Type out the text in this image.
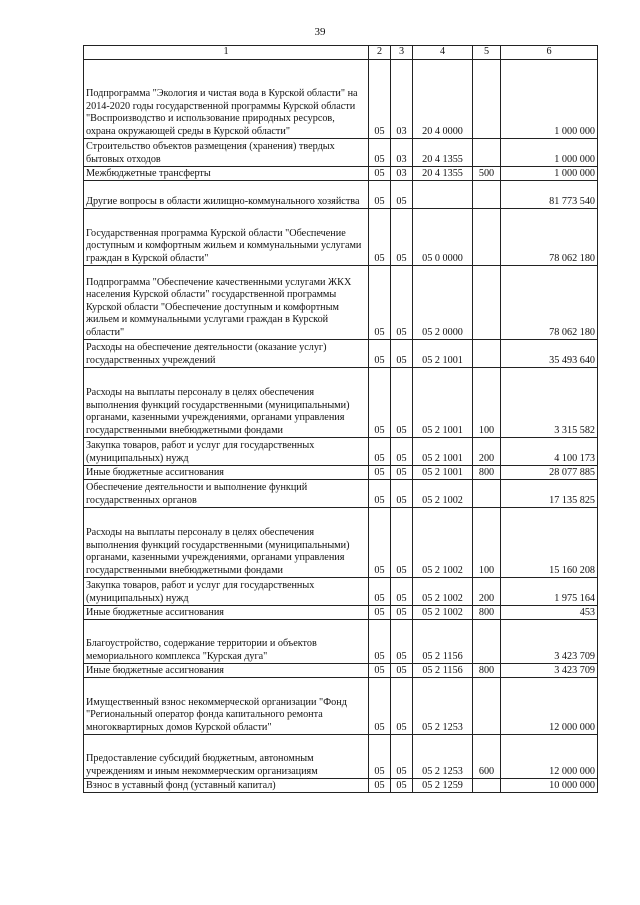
39
1	2	3	4	5	6
Подпрограмма "Экология и чистая вода в Курской области" на 2014-2020 годы государственной программы Курской области "Воспроизводство и использование природных ресурсов, охрана окружающей среды в Курской области"	05	03	20 4 0000		1 000 000
Строительство объектов размещения (хранения) твердых бытовых отходов	05	03	20 4 1355		1 000 000
Межбюджетные трансферты	05	03	20 4 1355	500	1 000 000
Другие вопросы в области жилищно-коммунального хозяйства	05	05			81 773 540
Государственная программа Курской области "Обеспечение доступным и комфортным жильем и коммунальными услугами граждан в Курской области"	05	05	05 0 0000		78 062 180
Подпрограмма "Обеспечение качественными услугами ЖКХ населения Курской области" государственной программы Курской области "Обеспечение доступным и комфортным жильем и коммунальными услугами граждан в Курской области"	05	05	05 2 0000		78 062 180
Расходы на обеспечение деятельности (оказание услуг) государственных учреждений	05	05	05 2 1001		35 493 640
Расходы на выплаты персоналу в целях обеспечения выполнения функций государственными (муниципальными) органами, казенными учреждениями, органами управления государственными внебюджетными фондами	05	05	05 2 1001	100	3 315 582
Закупка товаров, работ и услуг для государственных (муниципальных) нужд	05	05	05 2 1001	200	4 100 173
Иные бюджетные ассигнования	05	05	05 2 1001	800	28 077 885
Обеспечение деятельности и выполнение функций государственных органов	05	05	05 2 1002		17 135 825
Расходы на выплаты персоналу в целях обеспечения выполнения функций государственными (муниципальными) органами, казенными учреждениями, органами управления государственными внебюджетными фондами	05	05	05 2 1002	100	15 160 208
Закупка товаров, работ и услуг для государственных (муниципальных) нужд	05	05	05 2 1002	200	1 975 164
Иные бюджетные ассигнования	05	05	05 2 1002	800	453
Благоустройство, содержание территории и объектов мемориального комплекса "Курская дуга"	05	05	05 2 1156		3 423 709
Иные бюджетные ассигнования	05	05	05 2 1156	800	3 423 709
Имущественный взнос некоммерческой организации "Фонд "Региональный оператор фонда капитального ремонта многоквартирных домов Курской области"	05	05	05 2 1253		12 000 000
Предоставление субсидий бюджетным, автономным учреждениям и иным некоммерческим организациям	05	05	05 2 1253	600	12 000 000
Взнос в уставный фонд (уставный капитал)	05	05	05 2 1259		10 000 000
